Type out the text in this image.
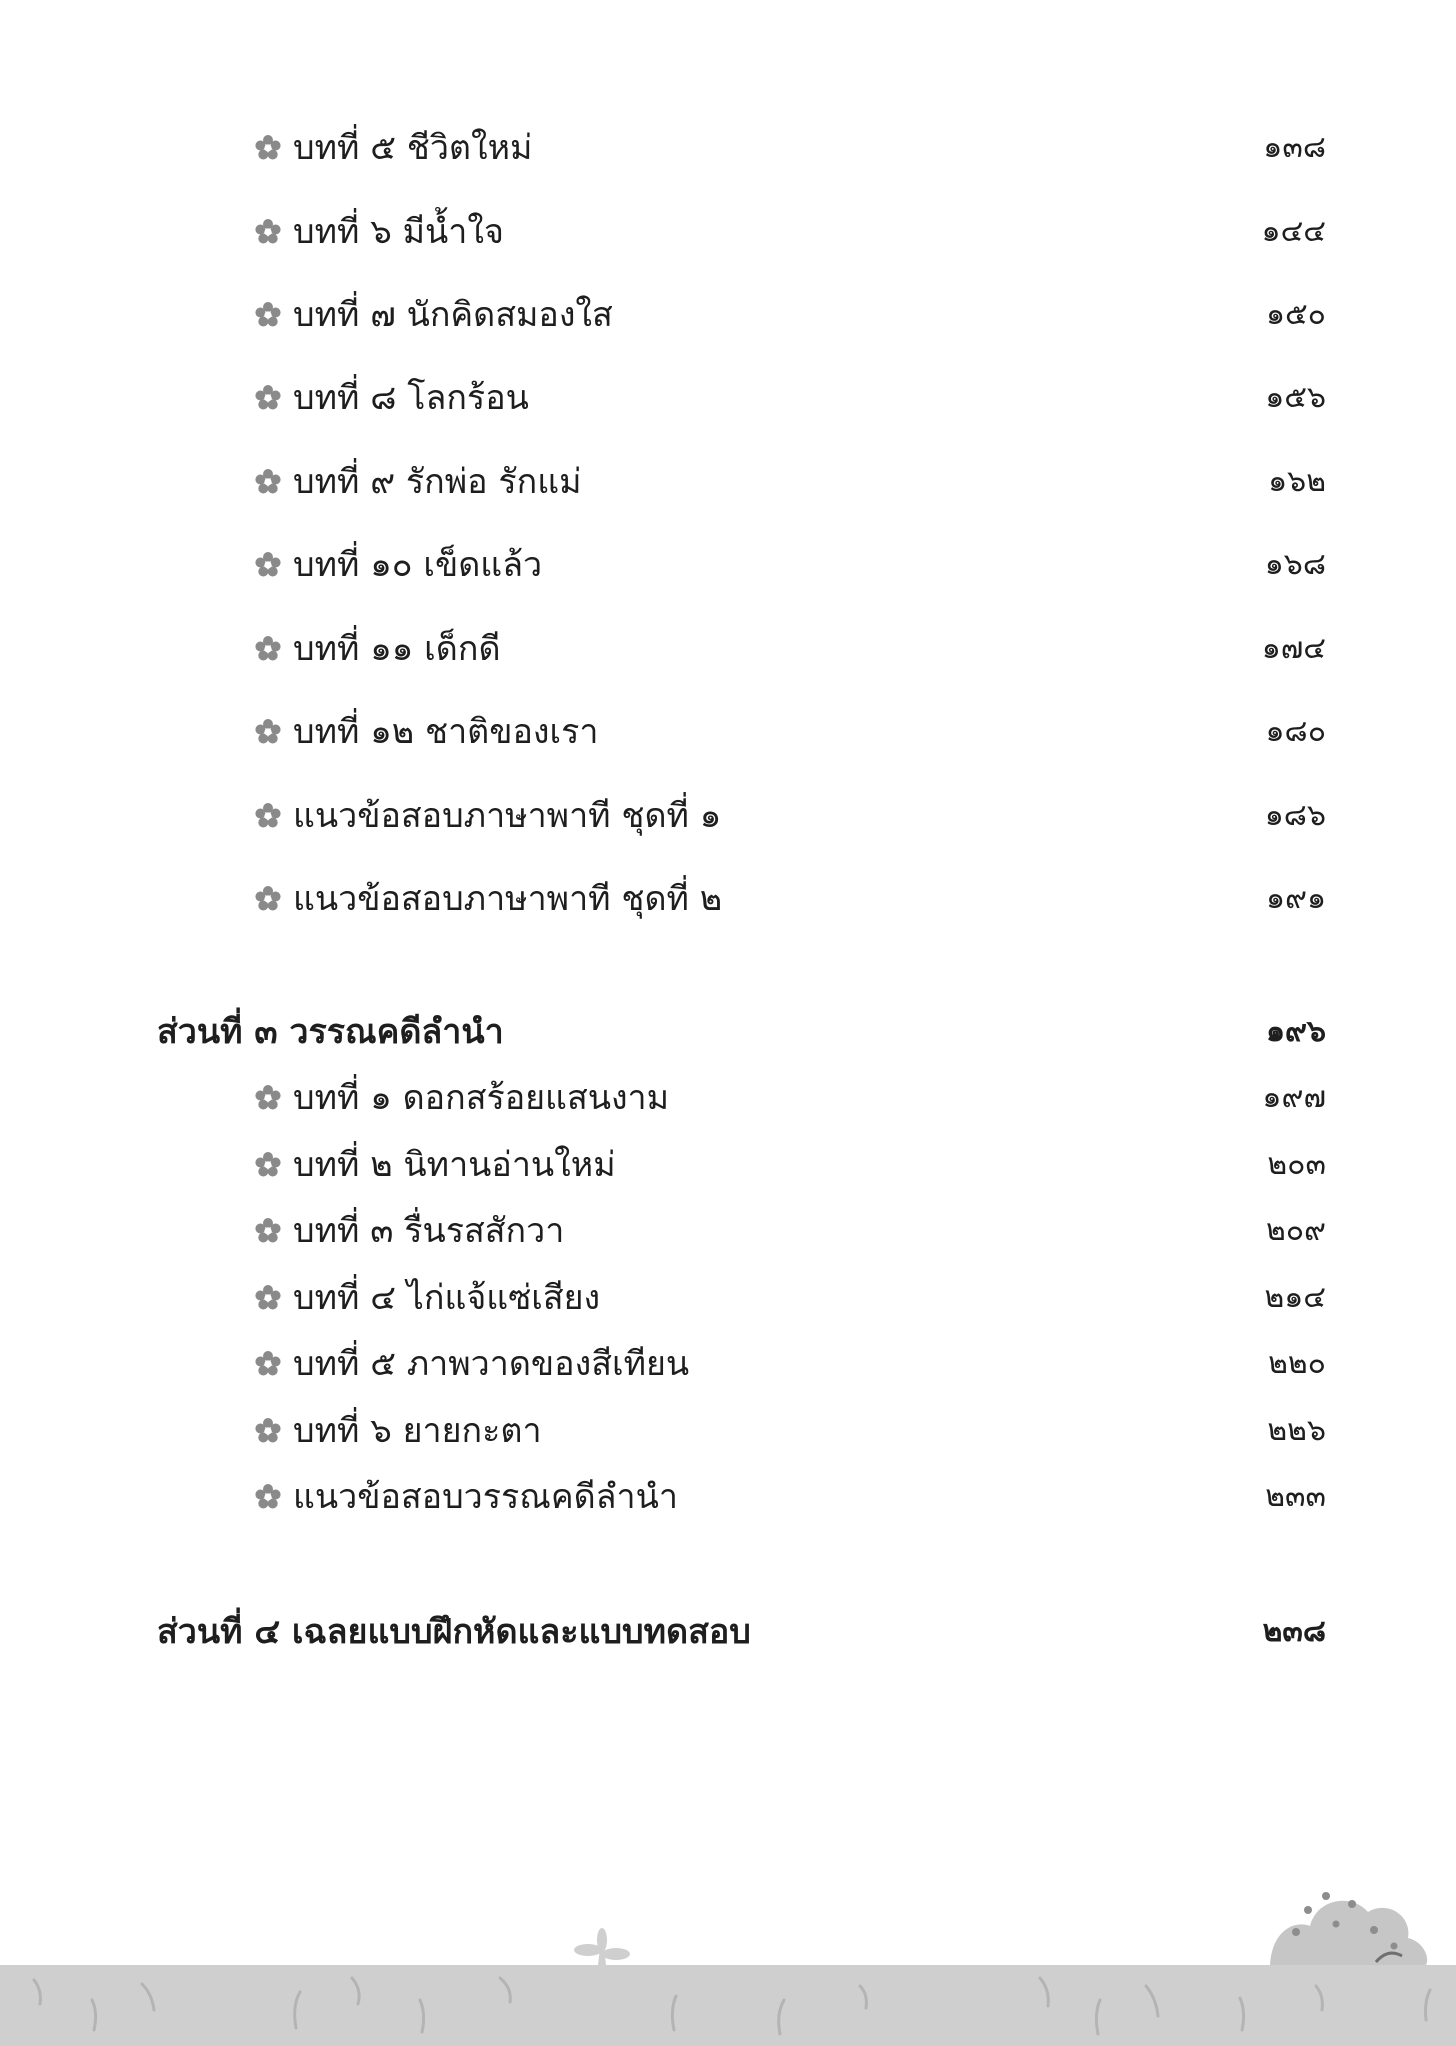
บทที่ ๕ ชีวิตใหม่	๑๓๘
บทที่ ๖ มีน้ำใจ	๑๔๔
บทที่ ๗ นักคิดสมองใส	๑๕๐
บทที่ ๘ โลกร้อน	๑๕๖
บทที่ ๙ รักพ่อ รักแม่	๑๖๒
บทที่ ๑๐ เข็ดแล้ว	๑๖๘
บทที่ ๑๑ เด็กดี	๑๗๔
บทที่ ๑๒ ชาติของเรา	๑๘๐
แนวข้อสอบภาษาพาที ชุดที่ ๑	๑๘๖
แนวข้อสอบภาษาพาที ชุดที่ ๒	๑๙๑
ส่วนที่ ๓ วรรณคดีลำนำ	๑๙๖
บทที่ ๑ ดอกสร้อยแสนงาม	๑๙๗
บทที่ ๒ นิทานอ่านใหม่	๒๐๓
บทที่ ๓ รื่นรสสักวา	๒๐๙
บทที่ ๔ ไก่แจ้แซ่เสียง	๒๑๔
บทที่ ๕ ภาพวาดของสีเทียน	๒๒๐
บทที่ ๖ ยายกะตา	๒๒๖
แนวข้อสอบวรรณคดีลำนำ	๒๓๓
ส่วนที่ ๔ เฉลยแบบฝึกหัดและแบบทดสอบ	๒๓๘
